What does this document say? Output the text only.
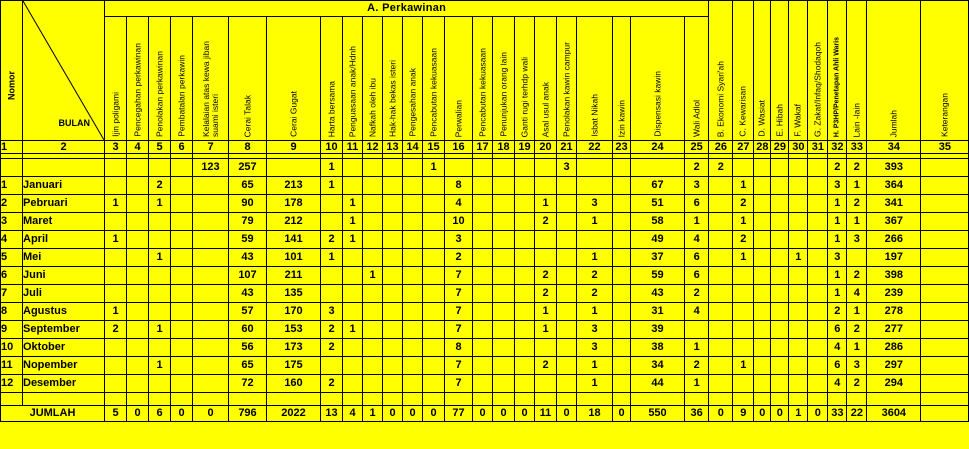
Nomor	BULAN	A. Perkawinan																							B. Ekonomi Syari'ah	C. Kewarisan	D. Wasiat	E. Hibah	F. Wakaf	G. Zakat/Infaq/Shodaqoh	H. P3HP/Penetapan Ahli Waris	Lain -lain	Jumlah	Keterangan

		Ijin poligami	Pencegahan perkawinan	Penolakan perkawinan	Pembatalan perkawin	Kelalaian atas kewa jiban suami isteri	Cerai Talak	Cerai Gugat	Harta bersama	Penguasaan anak/Hdnh	Nafkah oleh ibu	Hak-hak bekas isteri	Pengesahan anak	Pencabutan kekuasaan	Perwalian	Pencabutan kekuasaan	Penunjukan orang lain	Ganti rugi terhdp wali	Asal usul anak	Penolakan kawin campur	Isbat Nikah	Izin kawin	Dispensasi kawin	Wali Adlol										

1	2	3	4	5	6	7	8	9	10	11	12	13	14	15	16	17	18	19	20	21	22	23	24	25	26	27	28	29	30	31	32	33	34	35

						123	257		1					1						3				2	2						2	2	393	
1	Januari			2			65	213	1						8								67	3		1					3	1	364	
2	Pebruari	1		1			90	178		1					4				1		3		51	6		2					1	2	341	
3	Maret						79	212		1					10				2		1		58	1		1					1	1	367	
4	April	1					59	141	2	1					3								49	4		2					1	3	266	
5	Mei			1			43	101	1						2						1		37	6		1			1		3		197	
6	Juni						107	211			1				7				2		2		59	6							1	2	398	
7	Juli						43	135							7				2		2		43	2							1	4	239	
8	Agustus	1					57	170	3						7				1		1		31	4							2	1	278	
9	September	2		1			60	153	2	1					7				1		3		39								6	2	277	
10	Oktober						56	173	2						8						3		38	1							4	1	286	
11	Nopember			1			65	175							7				2		1		34	2		1					6	3	297	
12	Desember						72	160	2						7						1		44	1							4	2	294	

JUMLAH		5	0	6	0	0	796	2022	13	4	1	0	0	0	77	0	0	0	11	0	18	0	550	36	0	9	0	0	1	0	33	22	3604	
